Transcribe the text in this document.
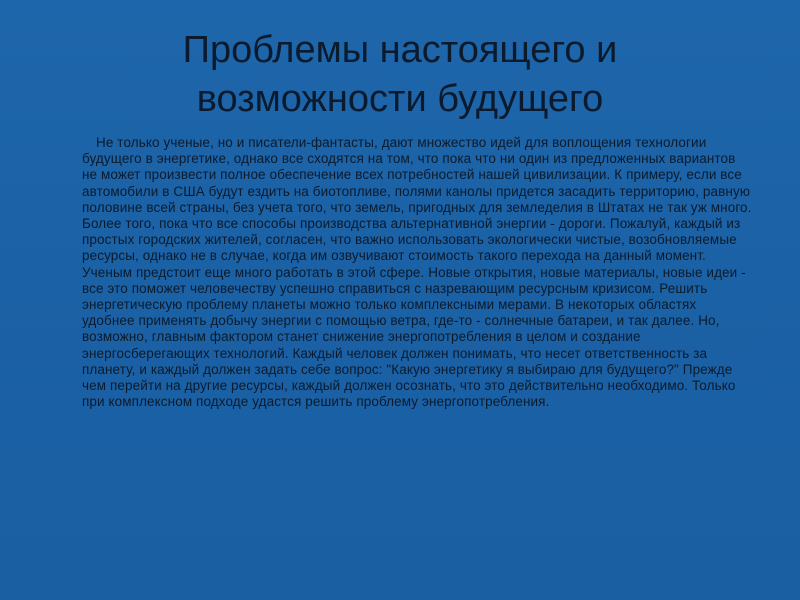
Проблемы настоящего и
возможности будущего

Не только ученые, но и писатели-фантасты, дают множество идей для воплощения технологии будущего в энергетике, однако все сходятся на том, что пока что ни один из предложенных вариантов не может произвести полное обеспечение всех потребностей нашей цивилизации. К примеру, если все автомобили в США будут ездить на биотопливе, полями канолы придется засадить территорию, равную половине всей страны, без учета того, что земель, пригодных для земледелия в Штатах не так уж много. Более того, пока что все способы производства альтернативной энергии - дороги. Пожалуй, каждый из простых городских жителей, согласен, что важно использовать экологически чистые, возобновляемые ресурсы, однако не в случае, когда им озвучивают стоимость такого перехода на данный момент. Ученым предстоит еще много работать в этой сфере. Новые открытия, новые материалы, новые идеи - все это поможет человечеству успешно справиться с назревающим ресурсным кризисом. Решить энергетическую проблему планеты можно только комплексными мерами. В некоторых областях удобнее применять добычу энергии с помощью ветра, где-то - солнечные батареи, и так далее. Но, возможно, главным фактором станет снижение энергопотребления в целом и создание энергосберегающих технологий. Каждый человек должен понимать, что несет ответственность за планету, и каждый должен задать себе вопрос: "Какую энергетику я выбираю для будущего?" Прежде чем перейти на другие ресурсы, каждый должен осознать, что это действительно необходимо. Только при комплексном подходе удастся решить проблему энергопотребления.
